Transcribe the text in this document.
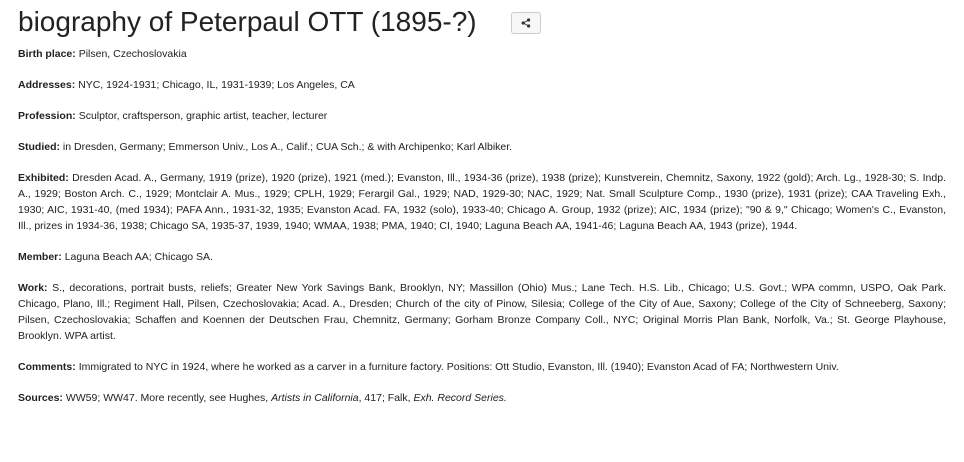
biography of Peterpaul OTT (1895-?)

Birth place: Pilsen, Czechoslovakia

Addresses: NYC, 1924-1931; Chicago, IL, 1931-1939; Los Angeles, CA

Profession: Sculptor, craftsperson, graphic artist, teacher, lecturer

Studied: in Dresden, Germany; Emmerson Univ., Los A., Calif.; CUA Sch.; & with Archipenko; Karl Albiker.

Exhibited: Dresden Acad. A., Germany, 1919 (prize), 1920 (prize), 1921 (med.); Evanston, Ill., 1934-36 (prize), 1938 (prize); Kunstverein, Chemnitz, Saxony, 1922 (gold); Arch. Lg., 1928-30; S. Indp. A., 1929; Boston Arch. C., 1929; Montclair A. Mus., 1929; CPLH, 1929; Ferargil Gal., 1929; NAD, 1929-30; NAC, 1929; Nat. Small Sculpture Comp., 1930 (prize), 1931 (prize); CAA Traveling Exh., 1930; AIC, 1931-40, (med 1934); PAFA Ann., 1931-32, 1935; Evanston Acad. FA, 1932 (solo), 1933-40; Chicago A. Group, 1932 (prize); AIC, 1934 (prize); "90 & 9," Chicago; Women's C., Evanston, Ill., prizes in 1934-36, 1938; Chicago SA, 1935-37, 1939, 1940; WMAA, 1938; PMA, 1940; CI, 1940; Laguna Beach AA, 1941-46; Laguna Beach AA, 1943 (prize), 1944.

Member: Laguna Beach AA; Chicago SA.

Work: S., decorations, portrait busts, reliefs; Greater New York Savings Bank, Brooklyn, NY; Massillon (Ohio) Mus.; Lane Tech. H.S. Lib., Chicago; U.S. Govt.; WPA commn, USPO, Oak Park. Chicago, Plano, Ill.; Regiment Hall, Pilsen, Czechoslovakia; Acad. A., Dresden; Church of the city of Pinow, Silesia; College of the City of Aue, Saxony; College of the City of Schneeberg, Saxony; Pilsen, Czechoslovakia; Schaffen and Koennen der Deutschen Frau, Chemnitz, Germany; Gorham Bronze Company Coll., NYC; Original Morris Plan Bank, Norfolk, Va.; St. George Playhouse, Brooklyn. WPA artist.

Comments: Immigrated to NYC in 1924, where he worked as a carver in a furniture factory. Positions: Ott Studio, Evanston, Ill. (1940); Evanston Acad of FA; Northwestern Univ.

Sources: WW59; WW47. More recently, see Hughes, Artists in California, 417; Falk, Exh. Record Series.
